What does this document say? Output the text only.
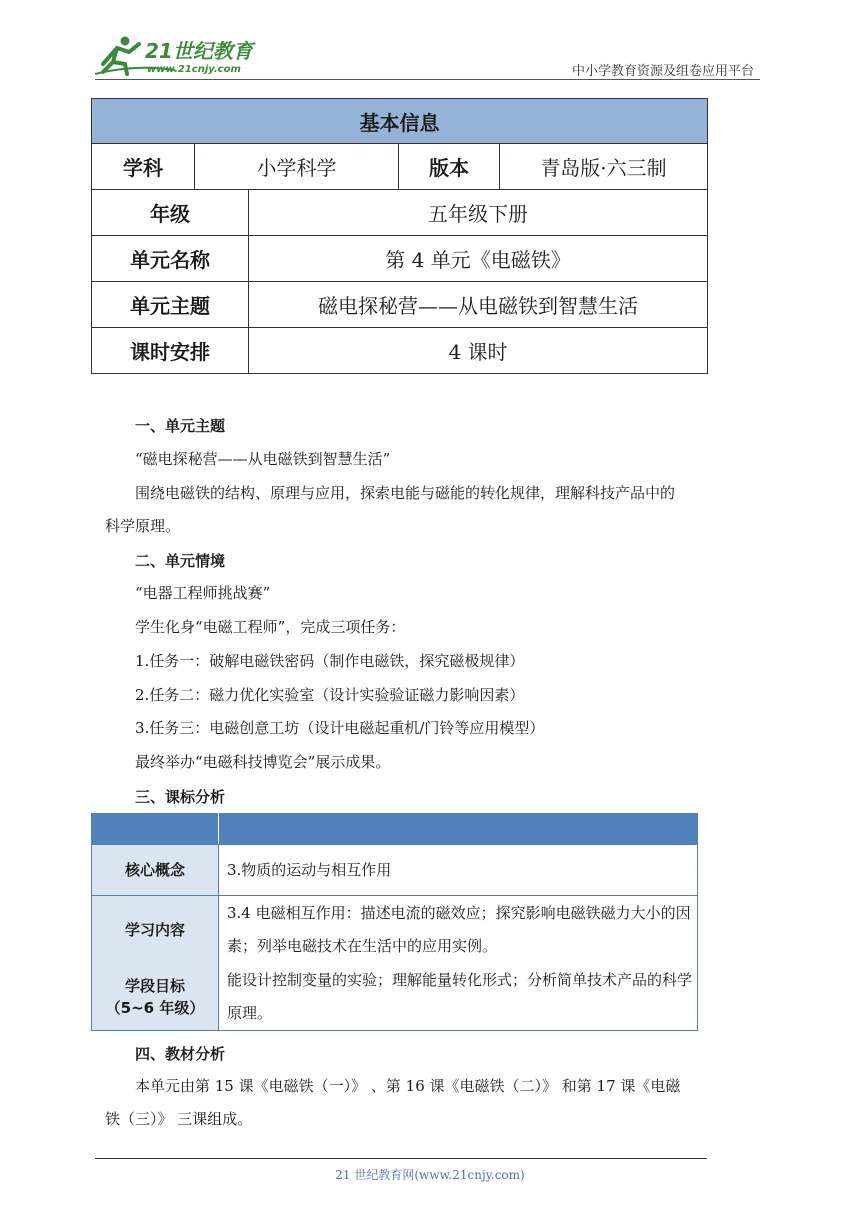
21世纪教育
www.21cnjy.com	中小学教育资源及组卷应用平台
基本信息
学科	小学科学	版本	青岛版·六三制
年级	五年级下册
单元名称	第 4 单元《电磁铁》
单元主题	磁电探秘营——从电磁铁到智慧生活
课时安排	4 课时
一、单元主题
“磁电探秘营——从电磁铁到智慧生活”
围绕电磁铁的结构、原理与应用，探索电能与磁能的转化规律，理解科技产品中的
科学原理。
二、单元情境
“电器工程师挑战赛”
学生化身“电磁工程师”，完成三项任务：
1.任务一：破解电磁铁密码（制作电磁铁，探究磁极规律）
2.任务二：磁力优化实验室（设计实验验证磁力影响因素）
3.任务三：电磁创意工坊（设计电磁起重机/门铃等应用模型）
最终举办“电磁科技博览会”展示成果。
三、课标分析

核心概念	3.物质的运动与相互作用
学习内容	3.4 电磁相互作用：描述电流的磁效应；探究影响电磁铁磁力大小的因素；列举电磁技术在生活中的应用实例。

学段目标
（5~6 年级）	能设计控制变量的实验；理解能量转化形式；分析简单技术产品的科学原理。
四、教材分析
本单元由第 15 课《电磁铁（一）》 、第 16 课《电磁铁（二）》 和第 17 课《电磁
铁（三）》 三课组成。
21 世纪教育网(www.21cnjy.com)
